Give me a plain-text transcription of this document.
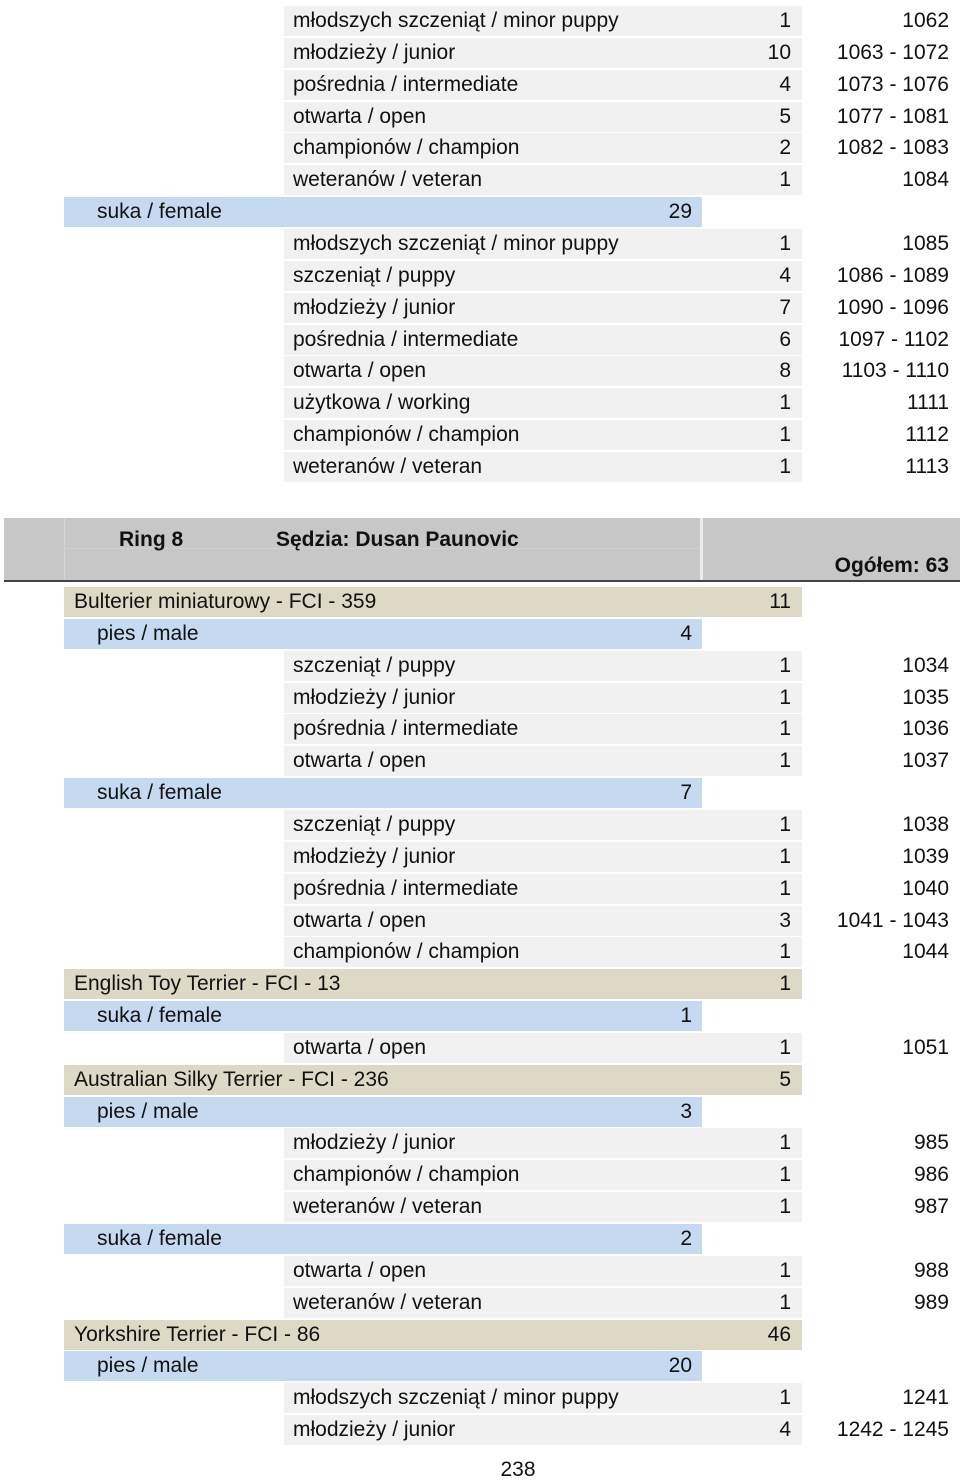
młodszych szczeniąt / minor puppy	1	1062
młodzieży / junior	10 1063 - 1072
pośrednia / intermediate	4 1073 - 1076
otwarta / open	5 1077 - 1081
championów / champion	2 1082 - 1083
weteranów / veteran	1	1084
suka / female	29
młodszych szczeniąt / minor puppy	1	1085
szczeniąt / puppy	4 1086 - 1089
młodzieży / junior	7 1090 - 1096
pośrednia / intermediate	6 1097 - 1102
otwarta / open	8 1103 - 1110
użytkowa / working	1	1111
championów / champion	1	1112
weteranów / veteran	1	1113
Ring 8	Sędzia: Dusan Paunovic
Ogółem: 63
Bulterier miniaturowy - FCI - 359	11
pies / male	4
szczeniąt / puppy	1	1034
młodzieży / junior	1	1035
pośrednia / intermediate	1	1036
otwarta / open	1	1037
suka / female	7
szczeniąt / puppy	1	1038
młodzieży / junior	1	1039
pośrednia / intermediate	1	1040
otwarta / open	3 1041 - 1043
championów / champion	1	1044
English Toy Terrier - FCI - 13	1
suka / female	1
otwarta / open	1	1051
Australian Silky Terrier - FCI - 236	5
pies / male	3
młodzieży / junior	1	985
championów / champion	1	986
weteranów / veteran	1	987
suka / female	2
otwarta / open	1	988
weteranów / veteran	1	989
Yorkshire Terrier - FCI - 86	46
pies / male	20
młodszych szczeniąt / minor puppy	1	1241
młodzieży / junior	4 1242 - 1245
238
